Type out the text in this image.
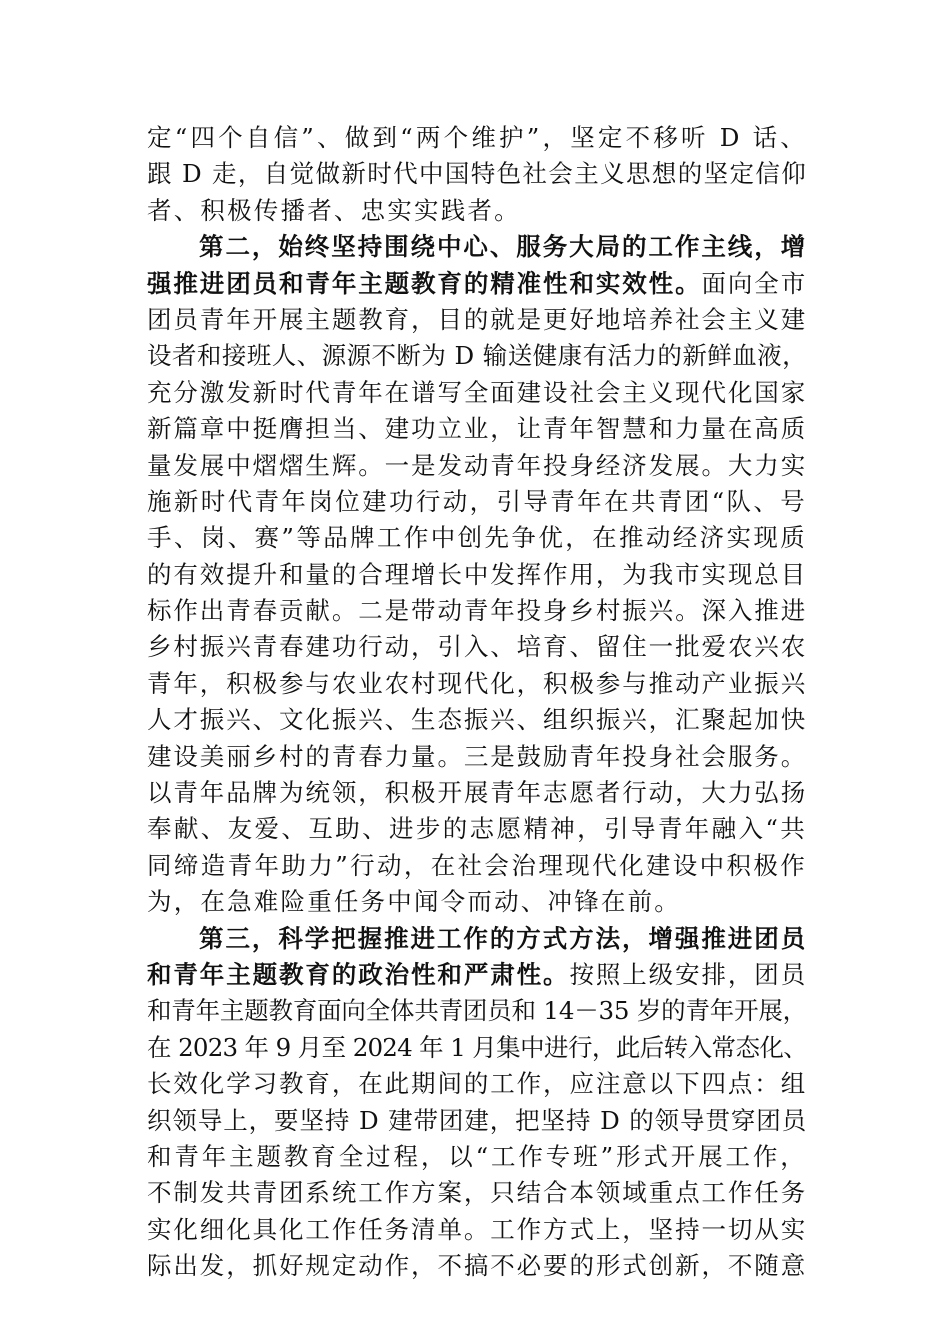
定“四个自信”、做到“两个维护”，坚定不移听 D 话、
跟 D 走，自觉做新时代中国特色社会主义思想的坚定信仰
者、积极传播者、忠实实践者。
第二，始终坚持围绕中心、服务大局的工作主线，增
强推进团员和青年主题教育的精准性和实效性。面向全市
团员青年开展主题教育，目的就是更好地培养社会主义建
设者和接班人、源源不断为 D 输送健康有活力的新鲜血液，
充分激发新时代青年在谱写全面建设社会主义现代化国家
新篇章中挺膺担当、建功立业，让青年智慧和力量在高质
量发展中熠熠生辉。一是发动青年投身经济发展。大力实
施新时代青年岗位建功行动，引导青年在共青团“队、号
手、岗、赛”等品牌工作中创先争优，在推动经济实现质
的有效提升和量的合理增长中发挥作用，为我市实现总目
标作出青春贡献。二是带动青年投身乡村振兴。深入推进
乡村振兴青春建功行动，引入、培育、留住一批爱农兴农
青年，积极参与农业农村现代化，积极参与推动产业振兴
人才振兴、文化振兴、生态振兴、组织振兴，汇聚起加快
建设美丽乡村的青春力量。三是鼓励青年投身社会服务。
以青年品牌为统领，积极开展青年志愿者行动，大力弘扬
奉献、友爱、互助、进步的志愿精神，引导青年融入“共
同缔造青年助力”行动，在社会治理现代化建设中积极作
为，在急难险重任务中闻令而动、冲锋在前。
第三，科学把握推进工作的方式方法，增强推进团员
和青年主题教育的政治性和严肃性。按照上级安排，团员
和青年主题教育面向全体共青团员和 14－35 岁的青年开展，
在 2023 年 9 月至 2024 年 1 月集中进行，此后转入常态化、
长效化学习教育，在此期间的工作，应注意以下四点：组
织领导上，要坚持 D 建带团建，把坚持 D 的领导贯穿团员
和青年主题教育全过程，以“工作专班”形式开展工作，
不制发共青团系统工作方案，只结合本领域重点工作任务
实化细化具化工作任务清单。工作方式上，坚持一切从实
际出发，抓好规定动作，不搞不必要的形式创新，不随意
